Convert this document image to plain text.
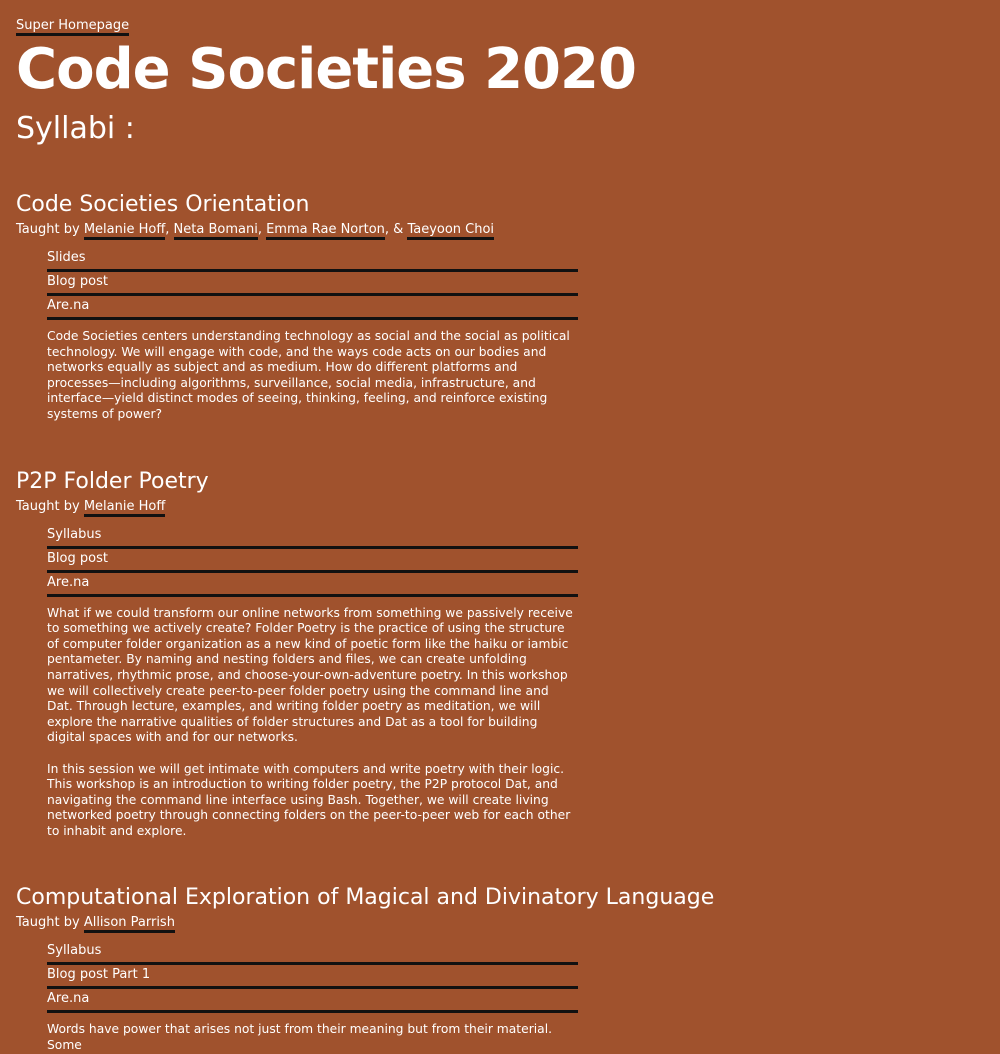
Super Homepage
Code Societies 2020
Syllabi :
Code Societies Orientation
Taught by Melanie Hoff, Neta Bomani, Emma Rae Norton, & Taeyoon Choi
Slides
Blog post
Are.na

Code Societies centers understanding technology as social and the social as political technology. We will engage with code, and the ways code acts on our bodies and networks equally as subject and as medium. How do different platforms and processes—including algorithms, surveillance, social media, infrastructure, and interface—yield distinct modes of seeing, thinking, feeling, and reinforce existing systems of power?

P2P Folder Poetry
Taught by Melanie Hoff
Syllabus
Blog post
Are.na

What if we could transform our online networks from something we passively receive to something we actively create? Folder Poetry is the practice of using the structure of computer folder organization as a new kind of poetic form like the haiku or iambic pentameter. By naming and nesting folders and files, we can create unfolding narratives, rhythmic prose, and choose-your-own-adventure poetry. In this workshop we will collectively create peer-to-peer folder poetry using the command line and Dat. Through lecture, examples, and writing folder poetry as meditation, we will explore the narrative qualities of folder structures and Dat as a tool for building digital spaces with and for our networks.

In this session we will get intimate with computers and write poetry with their logic. This workshop is an introduction to writing folder poetry, the P2P protocol Dat, and navigating the command line interface using Bash. Together, we will create living networked poetry through connecting folders on the peer-to-peer web for each other to inhabit and explore.

Computational Exploration of Magical and Divinatory Language
Taught by Allison Parrish
Syllabus
Blog post Part 1
Are.na

Words have power that arises not just from their meaning but from their material. Some
